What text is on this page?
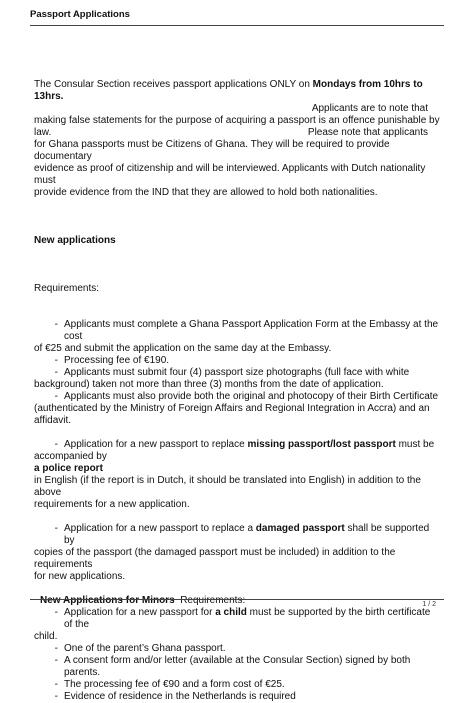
Passport Applications
The Consular Section receives passport applications ONLY on Mondays from 10hrs to 13hrs.
Applicants are to note that
making false statements for the purpose of acquiring a passport is an offence punishable by
law.	Please note that applicants
for Ghana passports must be Citizens of Ghana. They will be required to provide documentary
evidence as proof of citizenship and will be interviewed. Applicants with Dutch nationality must
provide evidence from the IND that they are allowed to hold both nationalities.
New applications
Requirements:
- Applicants must complete a Ghana Passport Application Form at the Embassy at the cost
of €25 and submit the application on the same day at the Embassy.
- Processing fee of €190.
- Applicants must submit four (4) passport size photographs (full face with white
background) taken not more than three (3) months from the date of application.
- Applicants must also provide both the original and photocopy of their Birth Certificate
(authenticated by the Ministry of Foreign Affairs and Regional Integration in Accra) and an
affidavit.
- Application for a new passport to replace missing passport/lost passport must be
accompanied by
a police report
in English (if the report is in Dutch, it should be translated into English) in addition to the above
requirements for a new application.
- Application for a new passport to replace a damaged passport shall be supported by
copies of the passport (the damaged passport must be included) in addition to the requirements
for new applications.
New Applications for Minors Requirements:
- Application for a new passport for a child must be supported by the birth certificate of the
child.
- One of the parent’s Ghana passport.
- A consent form and/or letter (available at the Consular Section) signed by both parents.
- The processing fee of €90 and a form cost of €25.
- Evidence of residence in the Netherlands is required
1 / 2
